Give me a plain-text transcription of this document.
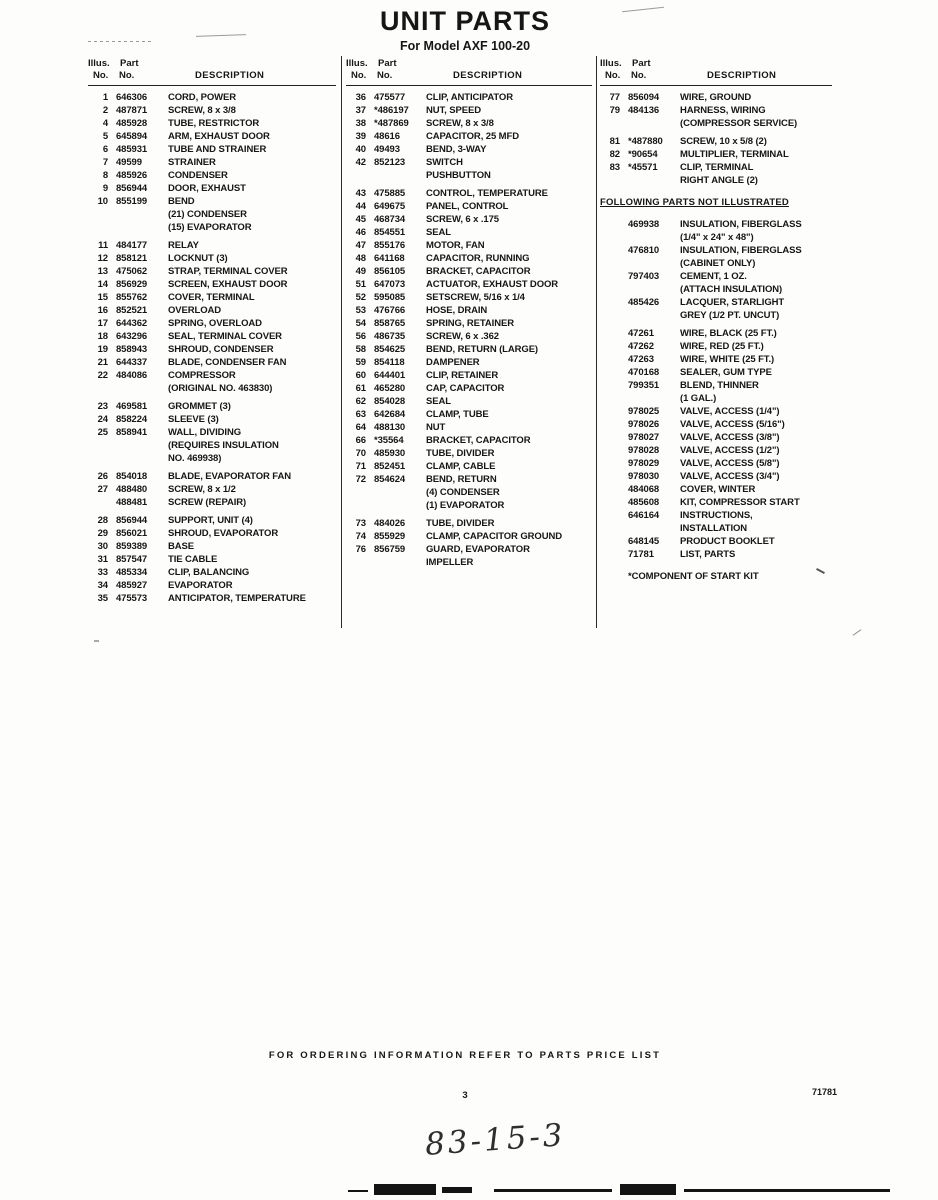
UNIT PARTS
For Model AXF 100-20
Illus. Part
No. No.	DESCRIPTION
1 646306	CORD, POWER
2 487871	SCREW, 8 x 3/8
4 485928	TUBE, RESTRICTOR
5 645894	ARM, EXHAUST DOOR
6 485931	TUBE AND STRAINER
7 49599	STRAINER
8 485926	CONDENSER
9 856944	DOOR, EXHAUST
10 855199	BEND
(21) CONDENSER
(15) EVAPORATOR
11 484177	RELAY
12 858121	LOCKNUT (3)
13 475062	STRAP, TERMINAL COVER
14 856929	SCREEN, EXHAUST DOOR
15 855762	COVER, TERMINAL
16 852521	OVERLOAD
17 644362	SPRING, OVERLOAD
18 643296	SEAL, TERMINAL COVER
19 858943	SHROUD, CONDENSER
21 644337	BLADE, CONDENSER FAN
22 484086	COMPRESSOR
(ORIGINAL NO. 463830)
23 469581	GROMMET (3)
24 858224	SLEEVE (3)
25 858941	WALL, DIVIDING
(REQUIRES INSULATION
NO. 469938)
26 854018	BLADE, EVAPORATOR FAN
27 488480	SCREW, 8 x 1/2
488481	SCREW (REPAIR)
28 856944	SUPPORT, UNIT (4)
29 856021	SHROUD, EVAPORATOR
30 859389	BASE
31 857547	TIE CABLE
33 485334	CLIP, BALANCING
34 485927	EVAPORATOR
35 475573	ANTICIPATOR, TEMPERATURE
Illus. Part
No. No.	DESCRIPTION
36 475577	CLIP, ANTICIPATOR
37 *486197	NUT, SPEED
38 *487869	SCREW, 8 x 3/8
39 48616	CAPACITOR, 25 MFD
40 49493	BEND, 3-WAY
42 852123	SWITCH
PUSHBUTTON
43 475885	CONTROL, TEMPERATURE
44 649675	PANEL, CONTROL
45 468734	SCREW, 6 x .175
46 854551	SEAL
47 855176	MOTOR, FAN
48 641168	CAPACITOR, RUNNING
49 856105	BRACKET, CAPACITOR
51 647073	ACTUATOR, EXHAUST DOOR
52 595085	SETSCREW, 5/16 x 1/4
53 476766	HOSE, DRAIN
54 858765	SPRING, RETAINER
56 486735	SCREW, 6 x .362
58 854625	BEND, RETURN (LARGE)
59 854118	DAMPENER
60 644401	CLIP, RETAINER
61 465280	CAP, CAPACITOR
62 854028	SEAL
63 642684	CLAMP, TUBE
64 488130	NUT
66 *35564	BRACKET, CAPACITOR
70 485930	TUBE, DIVIDER
71 852451	CLAMP, CABLE
72 854624	BEND, RETURN
(4) CONDENSER
(1) EVAPORATOR
73 484026	TUBE, DIVIDER
74 855929	CLAMP, CAPACITOR GROUND
76 856759	GUARD, EVAPORATOR
IMPELLER
Illus. Part
No. No.	DESCRIPTION
77 856094	WIRE, GROUND
79 484136	HARNESS, WIRING
(COMPRESSOR SERVICE)
81 *487880	SCREW, 10 x 5/8 (2)
82 *90654	MULTIPLIER, TERMINAL
83 *45571	CLIP, TERMINAL
RIGHT ANGLE (2)
FOLLOWING PARTS NOT ILLUSTRATED
469938	INSULATION, FIBERGLASS
(1/4" x 24" x 48")
476810	INSULATION, FIBERGLASS
(CABINET ONLY)
797403	CEMENT, 1 OZ.
(ATTACH INSULATION)
485426	LACQUER, STARLIGHT
GREY (1/2 PT. UNCUT)
47261	WIRE, BLACK (25 FT.)
47262	WIRE, RED (25 FT.)
47263	WIRE, WHITE (25 FT.)
470168	SEALER, GUM TYPE
799351	BLEND, THINNER
(1 GAL.)
978025	VALVE, ACCESS (1/4")
978026	VALVE, ACCESS (5/16")
978027	VALVE, ACCESS (3/8")
978028	VALVE, ACCESS (1/2")
978029	VALVE, ACCESS (5/8")
978030	VALVE, ACCESS (3/4")
484068	COVER, WINTER
485608	KIT, COMPRESSOR START
646164	INSTRUCTIONS,
INSTALLATION
648145	PRODUCT BOOKLET
71781	LIST, PARTS
*COMPONENT OF START KIT
FOR ORDERING INFORMATION REFER TO PARTS PRICE LIST
3	71781
83-15-3
